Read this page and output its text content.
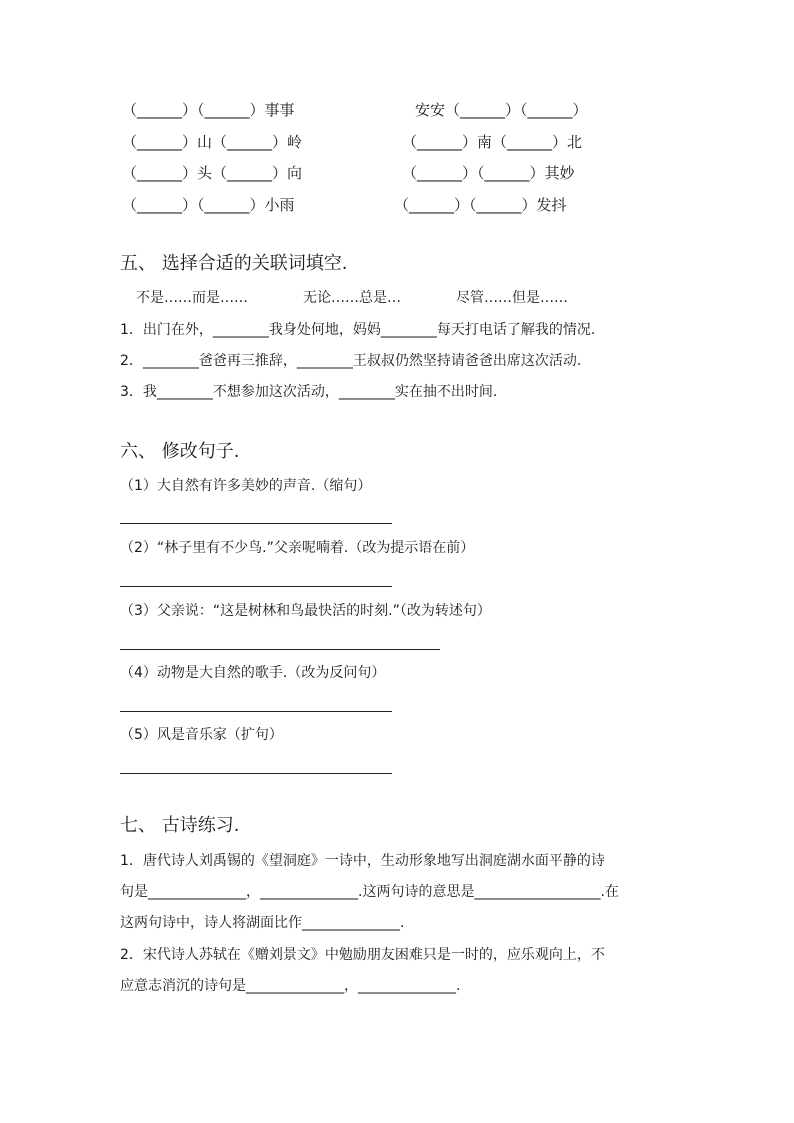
（______）（______）事事	安安（______）（______）
（______）山（______）岭	（______）南（______）北
（______）头（______）向	（______）（______）其妙
（______）（______）小雨	（______）（______）发抖
五、 选择合适的关联词填空.
不是……而是……	无论……总是…	尽管……但是……
1．出门在外，________我身处何地，妈妈________每天打电话了解我的情况.
2．________爸爸再三推辞，________王叔叔仍然坚持请爸爸出席这次活动.
3．我________不想参加这次活动，________实在抽不出时间.
六、 修改句子.
（1）大自然有许多美妙的声音.（缩句）
（2）“林子里有不少鸟.”父亲呢喃着.（改为提示语在前）
（3）父亲说：“这是树林和鸟最快活的时刻.”（改为转述句）
（4）动物是大自然的歌手.（改为反问句）
（5）风是音乐家（扩句）
七、 古诗练习.
1．唐代诗人刘禹锡的《望洞庭》一诗中，生动形象地写出洞庭湖水面平静的诗
句是______________，______________.这两句诗的意思是__________________.在
这两句诗中，诗人将湖面比作______________.
2．宋代诗人苏轼在《赠刘景文》中勉励朋友困难只是一时的，应乐观向上，不
应意志消沉的诗句是______________，______________.
